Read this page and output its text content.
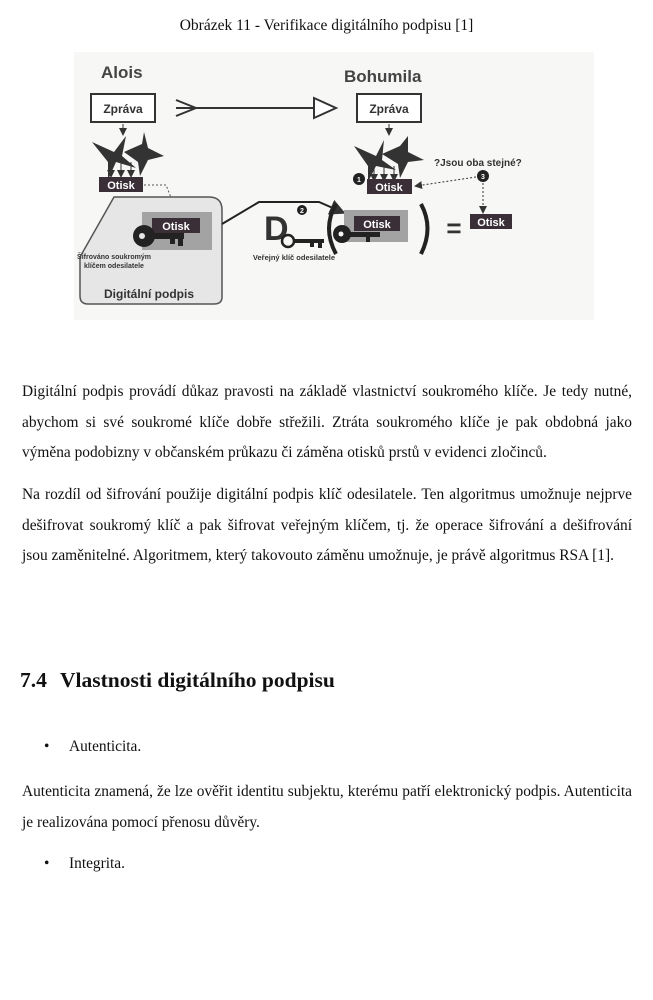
Obrázek 11 - Verifikace digitálního podpisu [1]
Alois
Zpráva
Otisk
Otisk
Šifrováno soukromým
klíčem odesilatele
Digitální podpis
Bohumila
Zpráva
1
Otisk
?Jsou oba stejné?
3
D 2
Veřejný klíč odesilatele
Otisk = Otisk

Digitální podpis provádí důkaz pravosti na základě vlastnictví soukromého klíče. Je tedy nutné, abychom si své soukromé klíče dobře střežili. Ztráta soukromého klíče je pak obdobná jako výměna podobizny v občanském průkazu či záměna otisků prstů v evidenci zločinců.

Na rozdíl od šifrování použije digitální podpis klíč odesilatele. Ten algoritmus umožnuje nejprve dešifrovat soukromý klíč a pak šifrovat veřejným klíčem, tj. že operace šifrování a dešifrování jsou zaměnitelné. Algoritmem, který takovouto záměnu umožnuje, je právě algoritmus RSA [1].

7.4 Vlastnosti digitálního podpisu
• Autenticita.

Autenticita znamená, že lze ověřit identitu subjektu, kterému patří elektronický podpis. Autenticita je realizována pomocí přenosu důvěry.

• Integrita.
